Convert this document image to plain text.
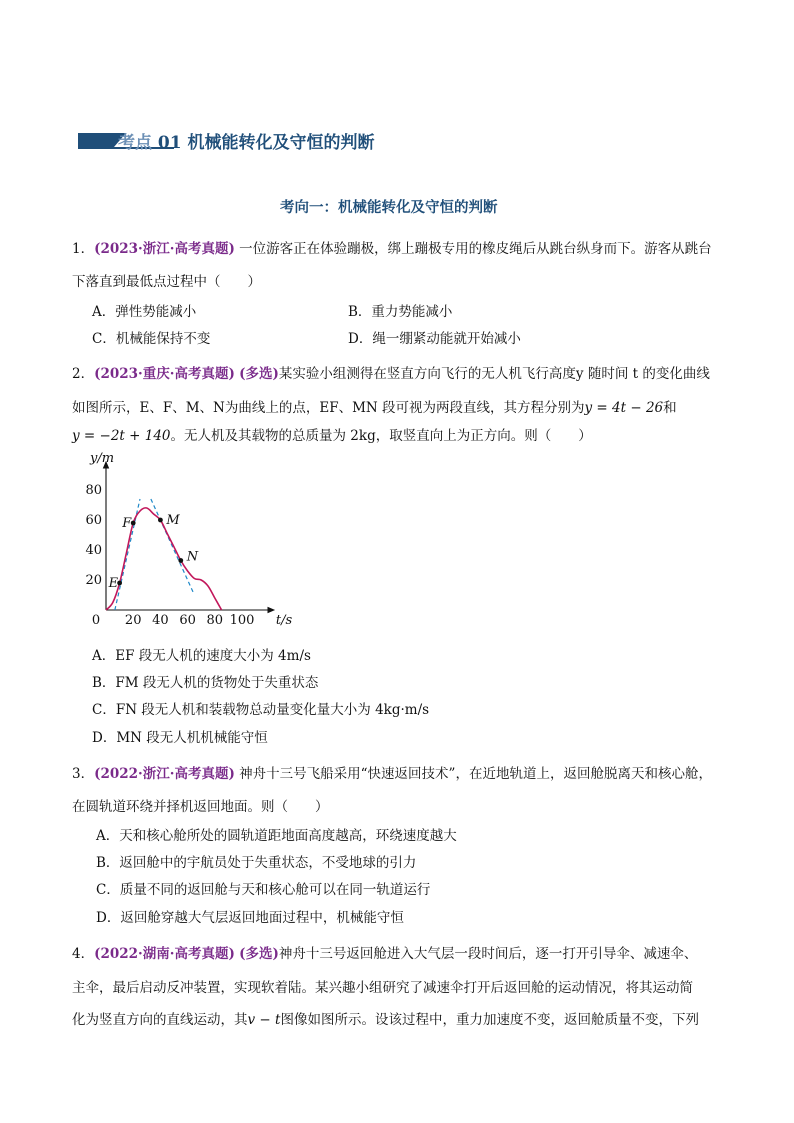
考点 01 机械能转化及守恒的判断
考向一：机械能转化及守恒的判断
1．(2023·浙江·高考真题) 一位游客正在体验蹦极，绑上蹦极专用的橡皮绳后从跳台纵身而下。游客从跳台
下落直到最低点过程中（　　）
A．弹性势能减小	B．重力势能减小
C．机械能保持不变	D．绳一绷紧动能就开始减小
2．(2023·重庆·高考真题) (多选)某实验小组测得在竖直方向飞行的无人机飞行高度y 随时间 t 的变化曲线
如图所示，E、F、M、N为曲线上的点，EF、MN 段可视为两段直线，其方程分别为y = 4t − 26和
y = −2t + 140。无人机及其载物的总质量为 2kg，取竖直向上为正方向。则（　　）
E
F	M
N
0 20 40 60 80 100
20
40
60
80
t/s
y/m
A．EF 段无人机的速度大小为 4m/s
B．FM 段无人机的货物处于失重状态
C．FN 段无人机和装载物总动量变化量大小为 4kg·m/s
D．MN 段无人机机械能守恒
3．(2022·浙江·高考真题) 神舟十三号飞船采用“快速返回技术”，在近地轨道上，返回舱脱离天和核心舱，
在圆轨道环绕并择机返回地面。则（　　）
A．天和核心舱所处的圆轨道距地面高度越高，环绕速度越大
B．返回舱中的宇航员处于失重状态，不受地球的引力
C．质量不同的返回舱与天和核心舱可以在同一轨道运行
D．返回舱穿越大气层返回地面过程中，机械能守恒
4．(2022·湖南·高考真题) (多选)神舟十三号返回舱进入大气层一段时间后，逐一打开引导伞、减速伞、
主伞，最后启动反冲装置，实现软着陆。某兴趣小组研究了减速伞打开后返回舱的运动情况，将其运动简
化为竖直方向的直线运动，其v − t图像如图所示。设该过程中，重力加速度不变，返回舱质量不变，下列
